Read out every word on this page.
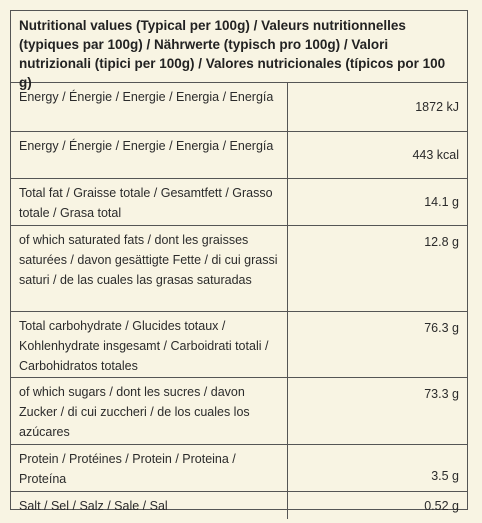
Nutritional values (Typical per 100g) / Valeurs nutritionnelles (typiques par 100g) / Nährwerte (typisch pro 100g) / Valori nutrizionali (tipici per 100g) / Valores nutricionales (típicos por 100 g)
Energy / Énergie / Energie / Energia / Energía
1872 kJ
Energy / Énergie / Energie / Energia / Energía
443 kcal
Total fat / Graisse totale / Gesamtfett / Grasso totale / Grasa total
14.1 g
of which saturated fats / dont les graisses saturées / davon gesättigte Fette / di cui grassi saturi / de las cuales las grasas saturadas
12.8 g
Total carbohydrate / Glucides totaux / Kohlenhydrate insgesamt / Carboidrati totali / Carbohidratos totales
76.3 g
of which sugars / dont les sucres / davon Zucker / di cui zuccheri / de los cuales los azúcares
73.3 g
Protein / Protéines / Protein / Proteina / Proteína	3.5 g
Salt / Sel / Salz / Sale / Sal	0.52 g
